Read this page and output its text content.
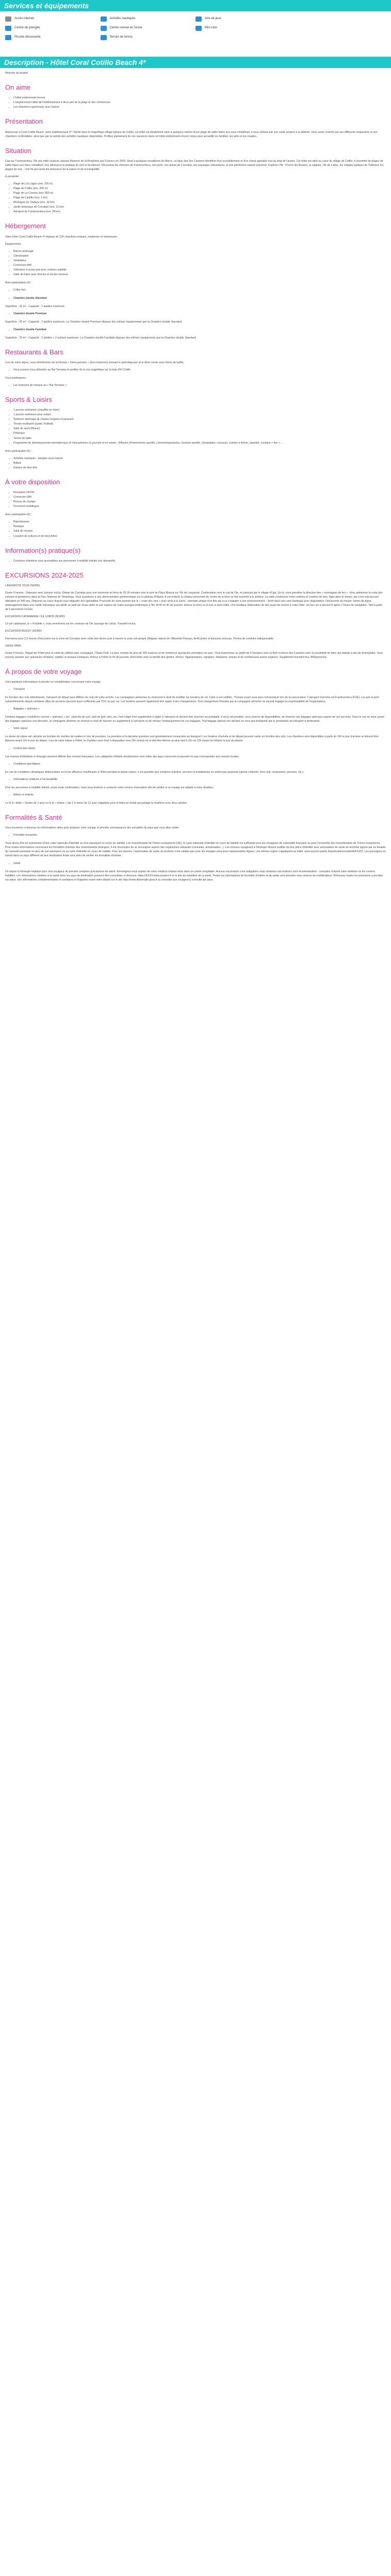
Services et équipements
Accès internet	Activités nautiques	Aire de jeux
Centre de plongée	Centre remise en forme	Mini club
Piscine découverte	Terrain de tennis
Description - Hôtel Coral Cotillo Beach 4*

Résumé du produit

On aime
• L'hôtel entièrement rénové
• L'emplacement idéal de l'établissement à deux pas de la plage et des commerces
• Les chambres spacieuses avec balcon
Présentation

Bienvenue à Coral Cotillo Beach, votre établissement 4* ! Niché dans le magnifique village typique de Cotillo, cet hôtel est idéalement situé à quelques mètres d'une plage de sable blanc aux eaux cristallines, il vous séduira par son cadre propice à la détente. Vous serez charmé par ses différents restaurants et ses chambres confortables, ainsi que par la variété des activités nautiques disponibles. Profitez pleinement de vos vacances dans cet hôtel entièrement rénové conçu pour accueillir les familles, les amis et les couples.

Situation

Cap sur Fuerteventura, l'île aux mille couleurs classée Réserve de la Biosphère par l'Unesco en 2009. Situé à quelques encablures du Maroc, ce bijou des îles Canaries bénéficie d'un ensoleillement et d'un climat agréable tout au long de l'année. Cet hôtel est situé au cœur du village de Cotillo, à proximité de plages de sable blanc aux eaux cristallines, lieu idéal pour la pratique du surf et du kitesurf. Découvrez les charmes de Fuerteventura, ses ports, ses dunes de Corralejo, ses paysages volcaniques, et son patrimoine naturel préservé. Explorez l'île : Puerto del Rosario, la capitale, l'île de Lobos, les villages typiques de l'intérieur, les plages du sud... Une île qui ravira les amoureux de la nature et de la tranquillité.

À proximité :

• Plage de Los Lagos (env. 200 m)
• Plage de Cotillo (env. 200 m)
• Plage de La Concha (env. 850 m)
• Plage de Castillo (env. 1 km)
• Montagne de Tindaya (env. 10 km)
• Jardin botanique de Corralejo (env. 13 km)
• Aéroport de Fuerteventura (env. 28 km)
Hébergement

Votre hôtel Coral Cotillo Beach 4* dispose de 134 chambres uniques, modernes et lumineuses.

Équipements :

• Balcon aménagé
• Climatisation
• Ventilateur
• Connexion Wifi
• Télévision à écran plat avec chaînes satellite
• Salle de bains avec douche et sèche-cheveux

Avec participation (€) :

• Coffre-fort
• Chambre double Standard

Superficie : 26 m² - Capacité : 2 adultes maximum

• Chambre double Premium

Superficie : 26 m² - Capacité : 2 adultes maximum. La Chambre double Premium dispose des mêmes équipements que la Chambre double Standard.

• Chambre double Familiale

Superficie : 29 m² - Capacité : 2 adultes + 2 enfants maximum. La Chambre double Familiale dispose des mêmes équipements que la Chambre double Standard.

Restaurants & Bars

Lors de votre séjour, vous bénéficierez de la formule « Demi-pension » (hors boissons) incluant le petit-déjeuner et le dîner servis sous forme de buffet.

• Vous pourrez vous détendre au Bar Terrasse et profiter de la vue magnifique sur la baie d'El Cotillo.

Vous participerez :

• Les boissons de marque au « Bar Terrasse »
Sports & Loisirs
• 1 piscine extérieure (chauffée en hiver)
• 1 piscine extérieure pour enfant
• Solarium aménagé de chaises longues et parasols
• Terrain multisport (padel, football)
• Salle de sport (fitness)
• Pétanque
• Tennis de table
• Programme de divertissements internationaux et francophones en journée et en soirée : diffusion d'événements sportifs, concerts/spectacles, tournois sportifs, olympiades, concours, soirées à thème, karaoké, musique « live » ...

Avec participation (€) :

• Activités nautiques : plongée sous-marine
• Billard
• Espace de bien-être
À votre disposition
• Réception 24/24h
• Connexion Wifi
• Bureau de change
• Personnel multilingue

Avec participation (€) :

• Blanchisserie
• Boutique
• Salle de réunion
• Location de voitures et de bicyclettes
Information(s) pratique(s)
• Certaines chambres sont accessibles aux personnes à mobilité réduite (sur demande).
EXCURSIONS 2024-2025

LANZAROTE TOUR (NORD)

Durée 9 heures - Déjeuner avec boisson inclus. Départ de Corralejo pour une traversée en ferry de 25-30 minutes vers le port de Playa Blanca sur l'île de Lanzarote. Continuation vers le sud de l'île, en passant par le village d'Uga. De là, vous prendrez la direction des « montagnes de feu ». Vous admirerez la route des volcans et pénétrerez dans le Parc National de Timanfaya. Vous assisterez à une démonstration géothermique sur la plateau d'Hilario. A cet endroit, la chaleur provenant du centre de la terre se fait ressentir à la surface. La visite continuera entre cratères et coulées de lave, figés dans le temps, qui n'ont subi aucune altération en 300 ans. Déjeuner au cours duquel vous déguster des spécialités. Poursuite de votre journée par le « route des vins » avec arrêt à la Geria - exemple unique d'un lieu qui a su s'adapter à son environnement -. Arrêt dans une cave (bodega) avec dégustation. Découverte du musée Jameo de Agua, aménagement dans une cavité volcanique qui abrite un petit lac d'eau salée et une espèce de crabe aveugle endémique à l'île. Arrêt en fin de journée. Retour en ferry et en bus à votre hôtel. Une boutique (fabrication de ski) avant de revenir à votre hôtel. Un bon vin à découvrir après 1 heure de navigation. Tarif à partir de 5 personnes incluse.

EXCURSION CATAMARAN / ÎLE LOBOS (NORD)

Ce joli catamaran, le « Fredelin », vous emmènera sur les contours de l'île sauvage de Lobos. Transfert inclus.

EXCURSION BUGGY (NORD)

Parcourez pour 2,5 heures d'excursion sur la zone de Corralejo avec visite des dunes puis à travers la zone volcanique (Malpais naturel de Villaverde Parque). Arrêt photo et boissons incluses. Permis de conduire indispensable.

OASIS PARK

Durée 8 heures. Départ de l'hôtel pour la visite du célèbre parc zoologique, l'Oasis Park. Le parc compte de plus de 250 espèces et de nombreux spectacles animaliers du parc. Vous traverserez un jardin de 5 hectares avec la flore et faune des Canaries avec la possibilité de faire une balade à dos de dromadaire. Vous pourrez assister aux spectacles d'otaries, reptiles et oiseaux exotiques. Retour à l'hôtel en fin de journée. Rencontre avec la famille des girafes, lémurs, hippopotames, cigognes, éléphants, tortues et de nombreuses autres espèces. Supplément transfert bus 30€/personne.

À propos de votre voyage

Voici quelques informations à prendre en considération concernant votre voyage.

• Transport

En fonction des vols sélectionnés, l'aéroport de départ peut différer de celui de votre arrivée. Les compagnies aériennes se réservent le droit de modifier les horaires de vol. Celle-ci est notifiée ; l'horaire exact vous sera communiqué lors de la convocation. L'aéroport d'arrivée est Fuerteventura (FUE). Les pré et post acheminements depuis certaines villes de province peuvent aussi s'effectuer par TGV ou par car. Les horaires peuvent également être sujets à des changements. Tout changement d'horaire par la compagnie aérienne ne saurait engager la responsabilité de l'organisateur.

• Bagages « spéciaux »

Certains bagages considérés comme « spéciaux » (ex : planche de surf, club de golf, vélo, etc.) font l'objet d'un supplément à régler à l'aéroport et doivent être réservés au préalable. Il vous est possible, sous réserve de disponibilités, de réserver ces bagages spéciaux auprès de nos services. Dans le cas où vous auriez des bagages spéciaux non déclarés, la compagnie aérienne se réserve le droit de facturer un supplément à l'aéroport ou de refuser l'embarquement de ces bagages. Tout bagage spécial non déclaré ne sera pas transporté par le prestataire de transport à destination.

• Votre séjour

La durée du séjour est calculée en fonction du nombre de nuitées et non de journées. La première et la dernière journées sont généralement consacrées au transport. Les horaires d'arrivée et de départ peuvent varier en fonction des vols. Les chambres sont disponibles à partir de 15h le jour d'arrivée et doivent être libérées avant 12h le jour du départ. Lors de votre séjour à l'hôtel, la chambre sera mise à disposition vers 15h (check-in) et doit être libérée au plus tard à 11h ou 12h (selon les hôtels) le jour du départ.

• Confort des hôtels

Les normes d'hôtellerie à l'étranger peuvent différer des normes françaises. Les catégories d'hôtels mentionnées sont celles des pays concernés et peuvent ne pas correspondre aux normes locales.

• Conditions spécifiques

En cas de conditions climatiques défavorables ou d'une affluence insuffisante à l'hôtel pendant la basse saison, il est possible que certaines activités, services et installations ne soient pas proposés (sports collectifs, mini-club, restaurants, piscines, etc.).

• Informations relatives à l'accessibilité

Pour les personnes à mobilité réduite, avant toute confirmation, nous vous invitons à contacter notre service réservation afin de vérifier si ce voyage est adapté à votre situation.

• Bébés et enfants

Le lit d'« bébé » (moins de 2 ans) ou le lit « enfant » (de 2 à moins de 12 ans) s'applique pour le lettre au forfait qui partage la chambre avec deux adultes.

Formalités & Santé

Vous trouverez ci-dessous les informations utiles pour préparer votre voyage et prendre connaissance des actualités du pays que vous allez visiter.

• Formalité douanière

Vous devez être en possession d'une carte nationale d'identité ou d'un passeport en cours de validité. Les ressortissants de l'Union européenne (UE), la carte nationale d'identité en cours de validité est suffisante pour les voyageurs de nationalité française ou pour l'ensemble des ressortissants de l'Union européenne. Pour toutes informations concernant les formalités d'entrée des ressortissants étrangers, il est nécessaire de se renseigner auprès des organismes adéquats (consulats, ambassades...). Les mineurs voyageant à l'étranger doivent justifier de leur pièce d'identité avec autorisation de sortie du territoire signée par un titulaire de l'autorité parentale en plus de son passeport ou sa carte d'identité en cours de validité. Pour les mineurs, l'autorisation de sortie du territoire n'est valable que pour les voyages sans leurs représentants légaux. Les mêmes règles s'appliquent au bébé. www.service-public.fr/particuliers/vosdroits/F1922. Les passagers en transit dans un pays différent de leur destination finale sont priés de vérifier les formalités d'entrée.

• Santé

Un séjour à l'étranger implique pour tout voyageur de prendre certaines précautions de santé. Renseignez-vous auprès de votre médecin traitant et/ou dans un centre hospitalier. Aucune vaccination n'est obligatoire mais certaines vaccinations sont recommandées : consultez d'abord votre médecin ou les centres habilités. Les informations relatives à la santé dans les pays de destination peuvent être consultées ci-dessous. https://XXXX/www.pasteur.fr et le site du ministère de la santé. Toutes les informations de formalité d'entrée et de santé sont données sous réserve de modifications. Retrouvez toutes les précisions à prendre sur place, des informations complémentaires et sanitaires et d'appeler avant votre départ sur le site http://www.diplomatie.gouv.fr (à consulter aux voyageurs) consulté par pays.
